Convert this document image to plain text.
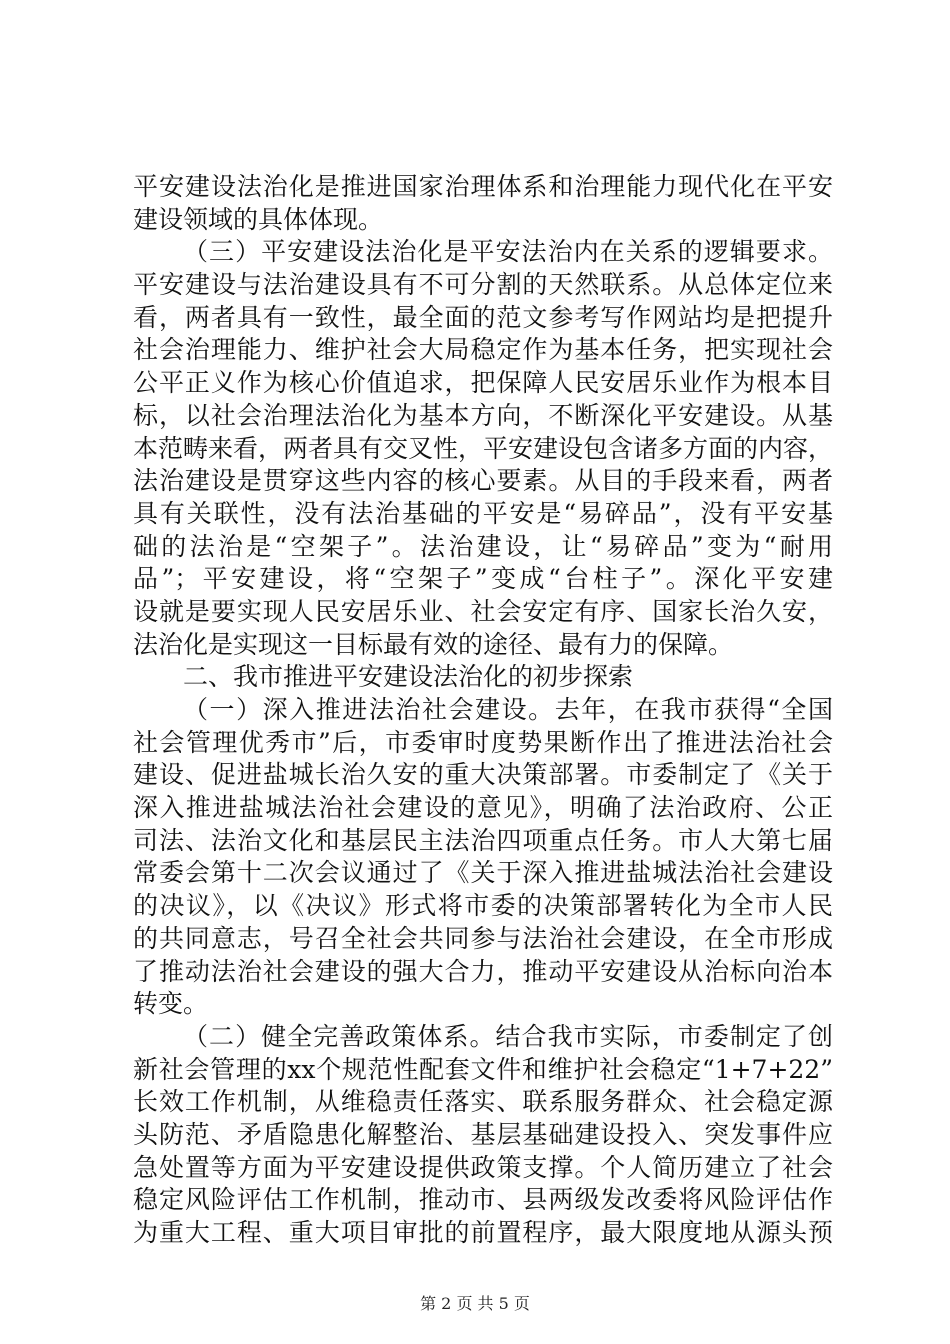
平安建设法治化是推进国家治理体系和治理能力现代化在平安
建设领域的具体体现。
（三）平安建设法治化是平安法治内在关系的逻辑要求。
平安建设与法治建设具有不可分割的天然联系。从总体定位来
看，两者具有一致性，最全面的范文参考写作网站均是把提升
社会治理能力、维护社会大局稳定作为基本任务，把实现社会
公平正义作为核心价值追求，把保障人民安居乐业作为根本目
标，以社会治理法治化为基本方向，不断深化平安建设。从基
本范畴来看，两者具有交叉性，平安建设包含诸多方面的内容，
法治建设是贯穿这些内容的核心要素。从目的手段来看，两者
具有关联性，没有法治基础的平安是“易碎品”，没有平安基
础的法治是“空架子”。法治建设，让“易碎品”变为“耐用
品”；平安建设，将“空架子”变成“台柱子”。深化平安建
设就是要实现人民安居乐业、社会安定有序、国家长治久安，
法治化是实现这一目标最有效的途径、最有力的保障。
二、我市推进平安建设法治化的初步探索
（一）深入推进法治社会建设。去年，在我市获得“全国
社会管理优秀市”后，市委审时度势果断作出了推进法治社会
建设、促进盐城长治久安的重大决策部署。市委制定了《关于
深入推进盐城法治社会建设的意见》，明确了法治政府、公正
司法、法治文化和基层民主法治四项重点任务。市人大第七届
常委会第十二次会议通过了《关于深入推进盐城法治社会建设
的决议》，以《决议》形式将市委的决策部署转化为全市人民
的共同意志，号召全社会共同参与法治社会建设，在全市形成
了推动法治社会建设的强大合力，推动平安建设从治标向治本
转变。
（二）健全完善政策体系。结合我市实际，市委制定了创
新社会管理的xx个规范性配套文件和维护社会稳定“1+7+22”
长效工作机制，从维稳责任落实、联系服务群众、社会稳定源
头防范、矛盾隐患化解整治、基层基础建设投入、突发事件应
急处置等方面为平安建设提供政策支撑。个人简历建立了社会
稳定风险评估工作机制，推动市、县两级发改委将风险评估作
为重大工程、重大项目审批的前置程序，最大限度地从源头预
第 2 页 共 5 页
